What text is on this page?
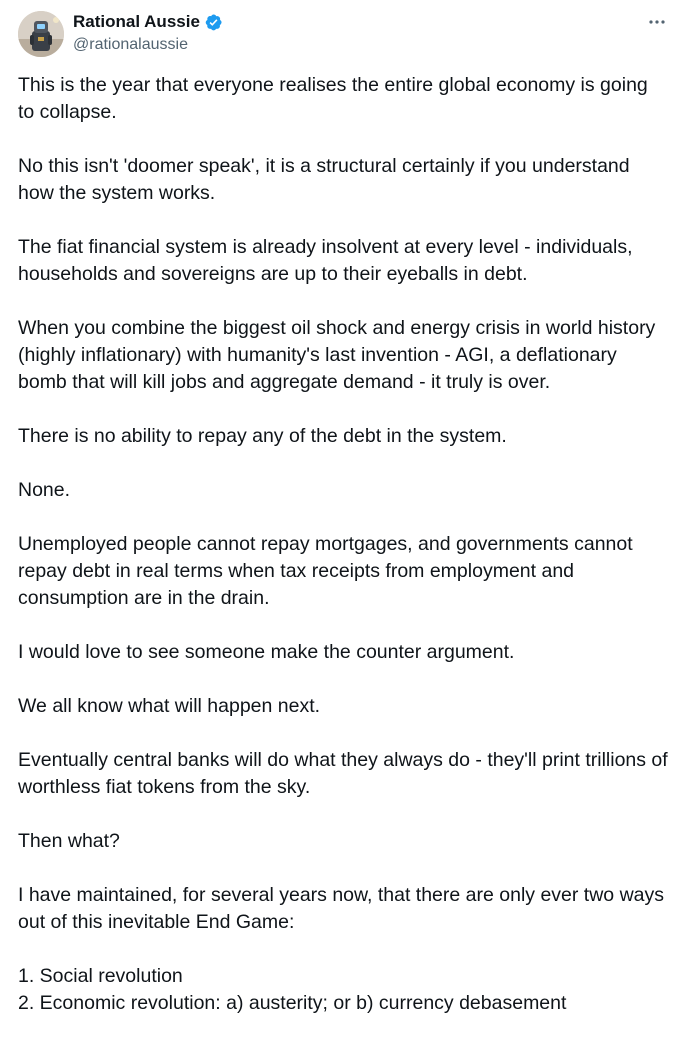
Rational Aussie
@rationalaussie

This is the year that everyone realises the entire global economy is going to collapse.

No this isn't 'doomer speak', it is a structural certainly if you understand how the system works.

The fiat financial system is already insolvent at every level - individuals, households and sovereigns are up to their eyeballs in debt.

When you combine the biggest oil shock and energy crisis in world history (highly inflationary) with humanity's last invention - AGI, a deflationary bomb that will kill jobs and aggregate demand - it truly is over.

There is no ability to repay any of the debt in the system.

None.

Unemployed people cannot repay mortgages, and governments cannot repay debt in real terms when tax receipts from employment and consumption are in the drain.

I would love to see someone make the counter argument.

We all know what will happen next.

Eventually central banks will do what they always do - they'll print trillions of worthless fiat tokens from the sky.

Then what?

I have maintained, for several years now, that there are only ever two ways out of this inevitable End Game:

1. Social revolution

2. Economic revolution: a) austerity; or b) currency debasement
